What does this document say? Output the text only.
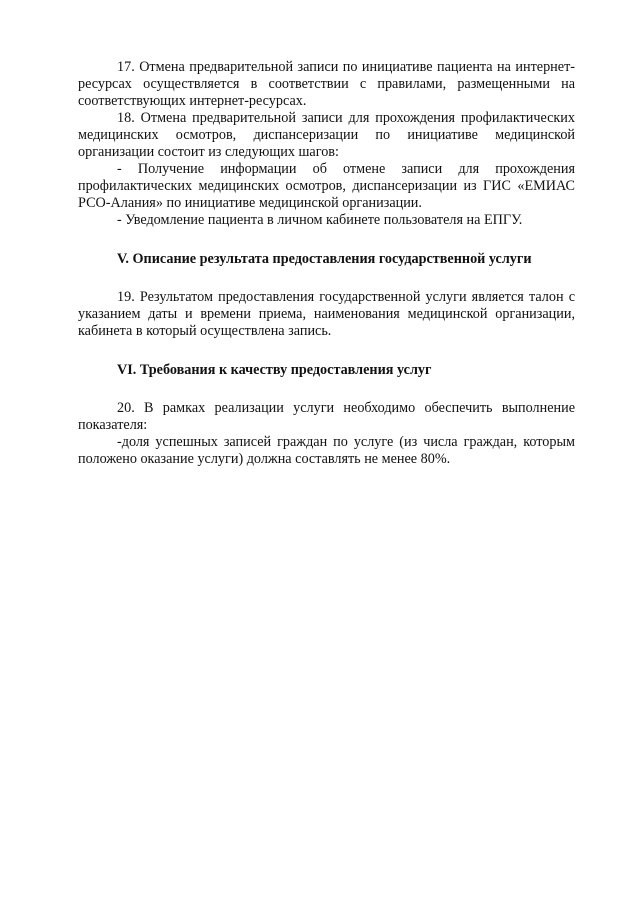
17. Отмена предварительной записи по инициативе пациента на интернет-ресурсах осуществляется в соответствии с правилами, размещенными на соответствующих интернет-ресурсах.

18. Отмена предварительной записи для прохождения профилактических медицинских осмотров, диспансеризации по инициативе медицинской организации состоит из следующих шагов:

- Получение информации об отмене записи для прохождения профилактических медицинских осмотров, диспансеризации из ГИС «ЕМИАС РСО-Алания» по инициативе медицинской организации.

- Уведомление пациента в личном кабинете пользователя на ЕПГУ.

V. Описание результата предоставления государственной услуги

19. Результатом предоставления государственной услуги является талон с указанием даты и времени приема, наименования медицинской организации, кабинета в который осуществлена запись.

VI. Требования к качеству предоставления услуг

20. В рамках реализации услуги необходимо обеспечить выполнение показателя:

-доля успешных записей граждан по услуге (из числа граждан, которым положено оказание услуги) должна составлять не менее 80%.
